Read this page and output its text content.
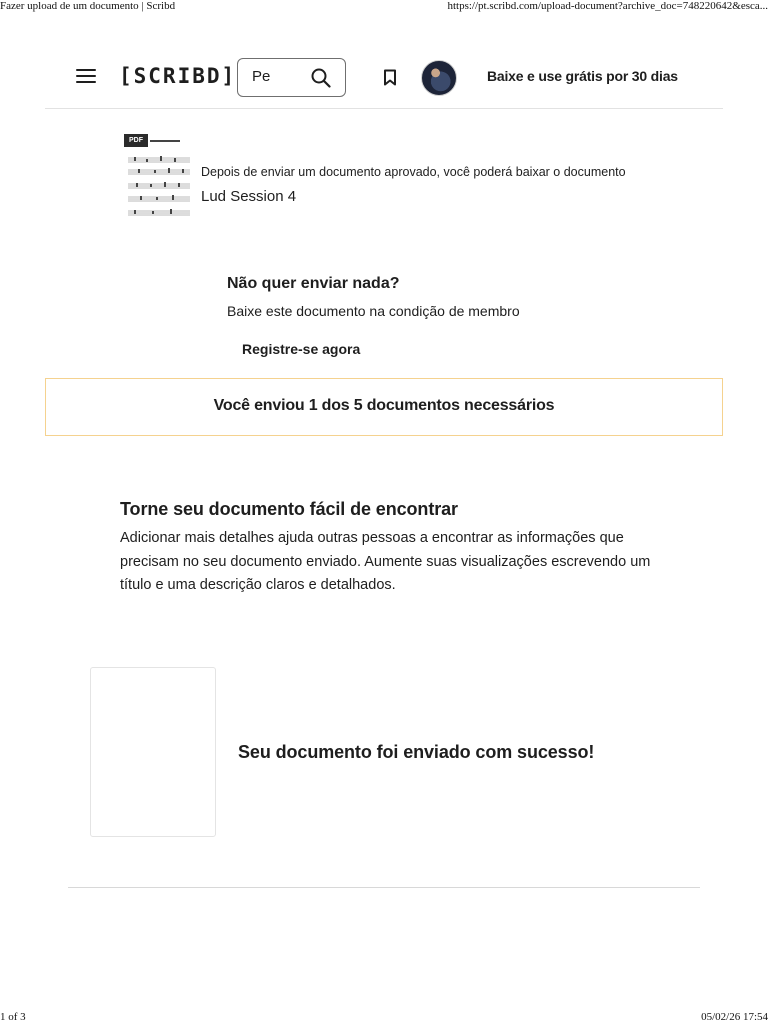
Fazer upload de um documento | Scribd	https://pt.scribd.com/upload-document?archive_doc=748220642&esca...
[SCRIBD]
Pe	Baixe e use grátis por 30 dias
PDF
Depois de enviar um documento aprovado, você poderá baixar o documento
Lud Session 4
Não quer enviar nada?
Baixe este documento na condição de membro
Registre-se agora
Você enviou 1 dos 5 documentos necessários
Torne seu documento fácil de encontrar
Adicionar mais detalhes ajuda outras pessoas a encontrar as informações que precisam no seu documento enviado. Aumente suas visualizações escrevendo um título e uma descrição claros e detalhados.
Seu documento foi enviado com sucesso!
1 of 3	05/02/26 17:54
